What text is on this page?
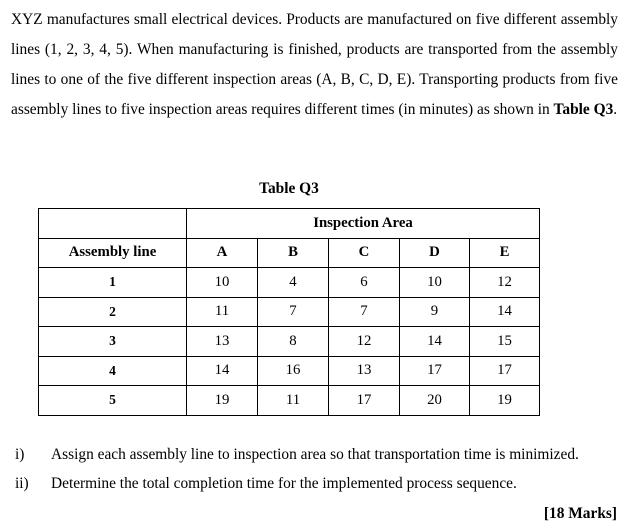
XYZ manufactures small electrical devices. Products are manufactured on five different assembly lines (1, 2, 3, 4, 5). When manufacturing is finished, products are transported from the assembly lines to one of the five different inspection areas (A, B, C, D, E). Transporting products from five assembly lines to five inspection areas requires different times (in minutes) as shown in Table Q3.

Table Q3
	Inspection Area				
Assembly line	A	B	C	D	E
1	10	4	6	10	12
2	11	7	7	9	14
3	13	8	12	14	15
4	14	16	13	17	17
5	19	11	17	20	19
i) Assign each assembly line to inspection area so that transportation time is minimized.
ii) Determine the total completion time for the implemented process sequence.
[18 Marks]
